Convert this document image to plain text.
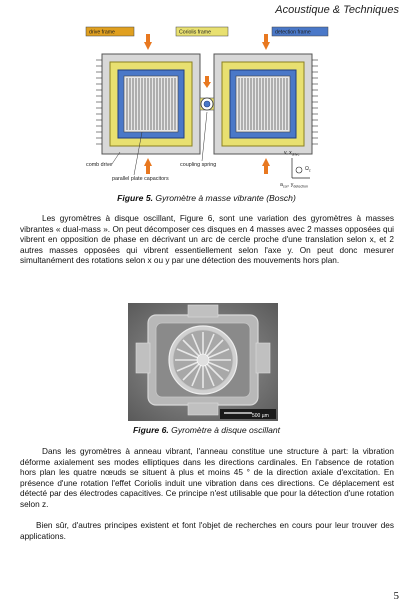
Acoustique & Techniques
drive frame	Coriolis frame	detection frame
comb drive	coupling spring
parallel plate capacitors
v, $x_{drive}$
$\Omega_z$
$a_{cor}$, $y_{detection}$
Figure 5. Gyromètre à masse vibrante (Bosch)

Les gyromètres à disque oscillant, Figure 6, sont une variation des gyromètres à masses vibrantes « dual-mass ». On peut décomposer ces disques en 4 masses avec 2 masses opposées qui vibrent en opposition de phase en décrivant un arc de cercle proche d'une translation selon x, et 2 autres masses opposées qui vibrent essentiellement selon l'axe y. On peut donc mesurer simultanément des rotations selon x ou y par une détection des mouvements hors plan.

500 µm
Figure 6. Gyromètre à disque oscillant

Dans les gyromètres à anneau vibrant, l'anneau constitue une structure à part: la vibration déforme axialement ses modes elliptiques dans les directions cardinales. En l'absence de rotation hors plan les quatre nœuds se situent à plus et moins 45 ° de la direction axiale d'excitation. En présence d'une rotation l'effet Coriolis induit une vibration dans ces directions. Ce déplacement est détecté par des électrodes capacitives. Ce principe n'est utilisable que pour la détection d'une rotation selon z.

Bien sûr, d'autres principes existent et font l'objet de recherches en cours pour leur trouver des applications.

5
